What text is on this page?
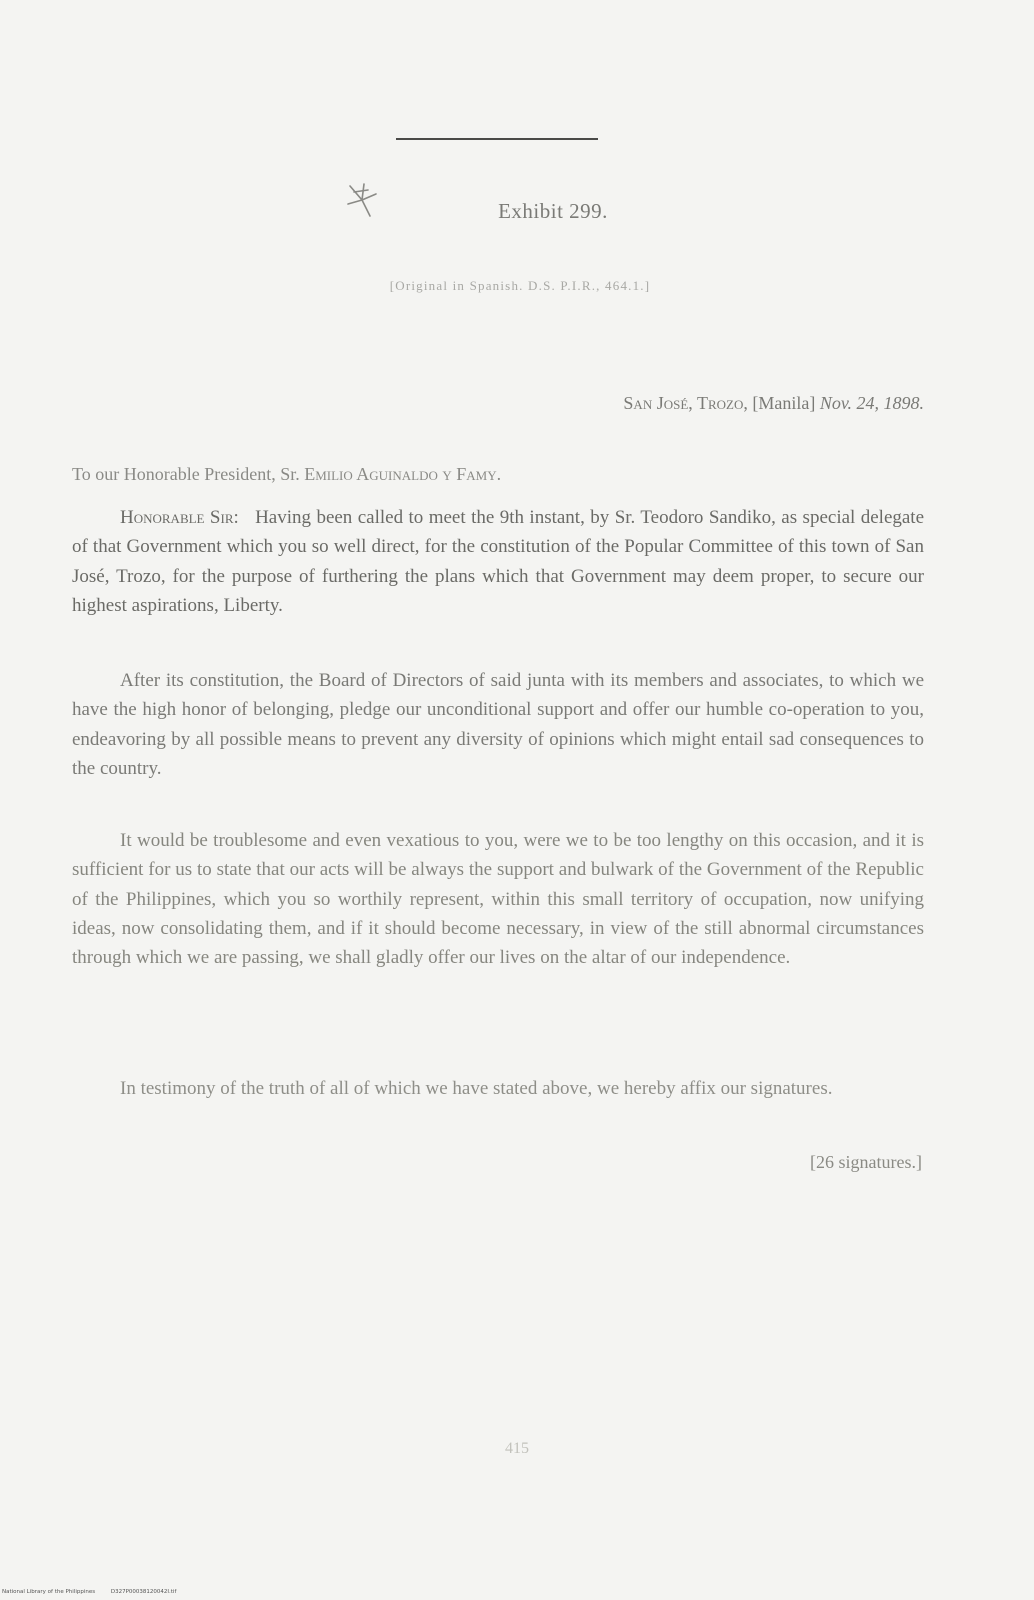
Exhibit 299.
[Original in Spanish. D.S. P.I.R., 464.1.]
San José, Trozo, [Manila] Nov. 24, 1898.
To our Honorable President, Sr. Emilio Aguinaldo y Famy.
Honorable Sir: Having been called to meet the 9th instant, by Sr. Teodoro Sandiko, as special delegate of that Government which you so well direct, for the constitution of the Popular Committee of this town of San José, Trozo, for the purpose of furthering the plans which that Government may deem proper, to secure our highest aspirations, Liberty.
After its constitution, the Board of Directors of said junta with its members and associates, to which we have the high honor of belonging, pledge our unconditional support and offer our humble co-operation to you, endeavoring by all possible means to prevent any diversity of opinions which might entail sad consequences to the country.
It would be troublesome and even vexatious to you, were we to be too lengthy on this occasion, and it is sufficient for us to state that our acts will be always the support and bulwark of the Government of the Republic of the Philippines, which you so worthily represent, within this small territory of occupation, now unifying ideas, now consolidating them, and if it should become necessary, in view of the still abnormal circumstances through which we are passing, we shall gladly offer our lives on the altar of our independence.
In testimony of the truth of all of which we have stated above, we hereby affix our signatures.
[26 signatures.]
415
National Library of the Philippines	D327P00038120042I.tif
